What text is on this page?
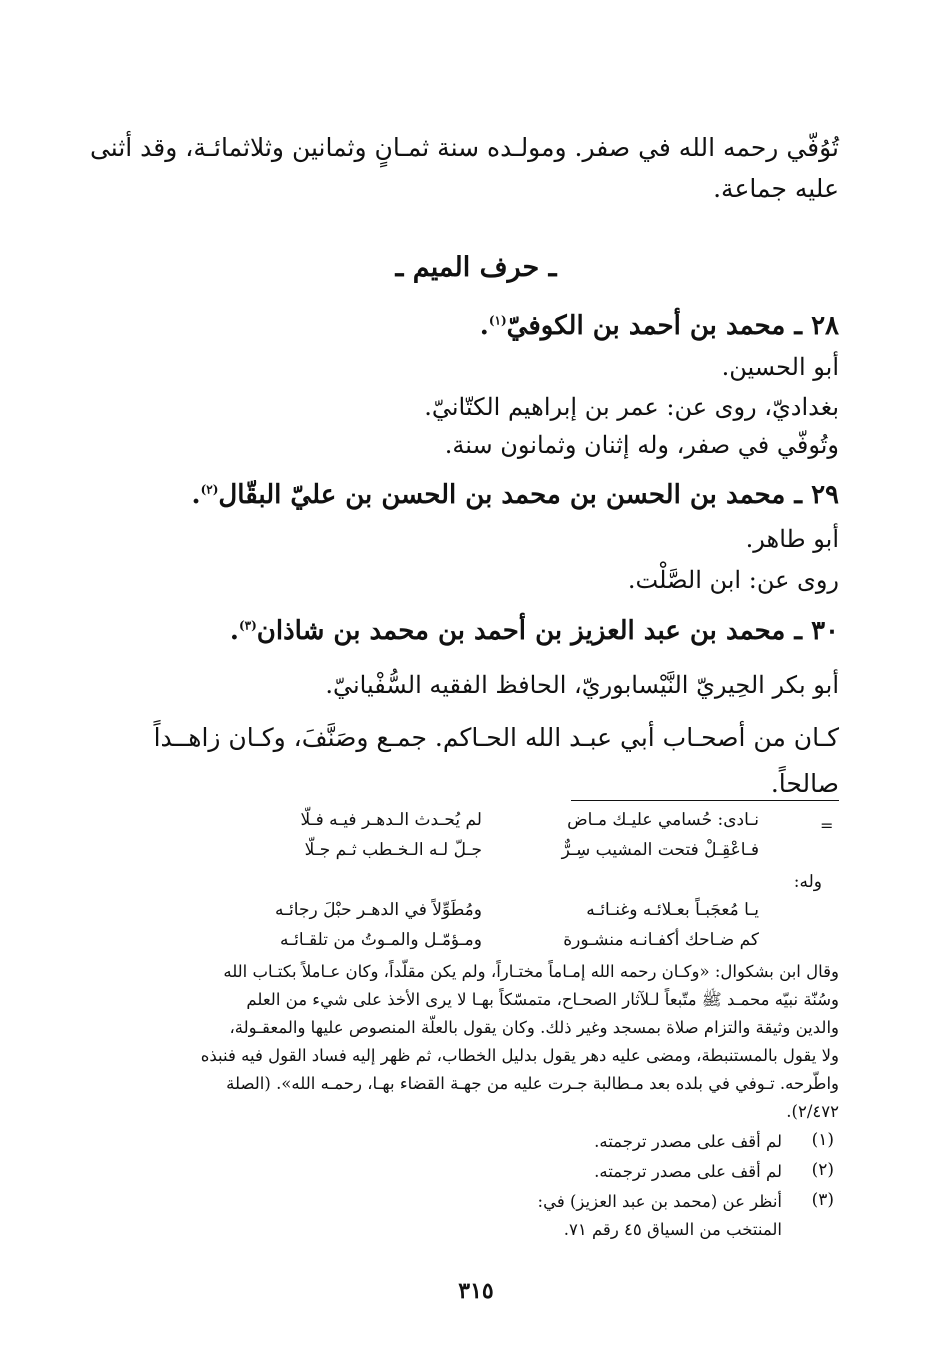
تُوُفّي رحمه الله في صفر. ومولـده سنة ثمـانٍ وثمانين وثلاثمائـة، وقد أثنى
عليه جماعة.
ـ حرف الميم ـ
٢٨ ـ محمد بن أحمد بن الكوفيّ$^{(١)}$.
أبو الحسين.
بغداديّ، روى عن: عمر بن إبراهيم الكتّانيّ.
وتُوفّي في صفر، وله إثنان وثمانون سنة.
٢٩ ـ محمد بن الحسن بن محمد بن الحسن بن عليّ البقّال$^{(٢)}$.
أبو طاهر.
روى عن: ابن الصَّلْت.
٣٠ ـ محمد بن عبد العزيز بن أحمد بن محمد بن شاذان$^{(٣)}$.
أبو بكر الحِيريّ النَّيْسابوريّ، الحافظ الفقيه السُّفْيانيّ.
كـان من أصحـاب أبي عبـد الله الحـاكم. جمـع وصَنَّفَ، وكـان زاهــداً
صالحاً.
=
نـادى: حُسامي عليـك مـاض
لم يُحـدث الـدهـر فيـه فـلّا
فـاعْقِـلْ فتحت المشيب سِـرٌّ
جـلّ لـه الـخـطب ثـم جـلّا
وله:
يـا مُعجَبـاً بعـلائـه وغنـائـه
ومُطَوِّلاً في الدهـر حبْلَ رجائـه
كم ضـاحك أكفـانـه منشـورة
ومـؤمّـل والمـوتُ من تلقـائـه
وقال ابن بشكوال: «وكـان رحمه الله إمـاماً مختـاراً، ولم يكن مقلّداً، وكان عـاملاً بكتـاب الله
وسُنّة نبيّه محمـد ﷺ متّبعاً لـلآثار الصحـاح، متمسّكاً بهـا لا يرى الأخذ على شيء من العلم
والدين وثيقة والتزام صلاة بمسجد وغير ذلك. وكان يقول بالعلّة المنصوص عليها والمعقـولة،
ولا يقول بالمستنبطة، ومضى عليه دهر يقول بدليل الخطاب، ثم ظهر إليه فساد القول فيه فنبذه
واطّرحه. تـوفي في بلده بعد مـطالبة جـرت عليه من جهـة القضاء بهـا، رحمـه الله». (الصلة
٢/٤٧٢).
(١)
لم أقف على مصدر ترجمته.
(٢)
لم أقف على مصدر ترجمته.
(٣)
أنظر عن (محمد بن عبد العزيز) في:
المنتخب من السياق ٤٥ رقم ٧١.
٣١٥
